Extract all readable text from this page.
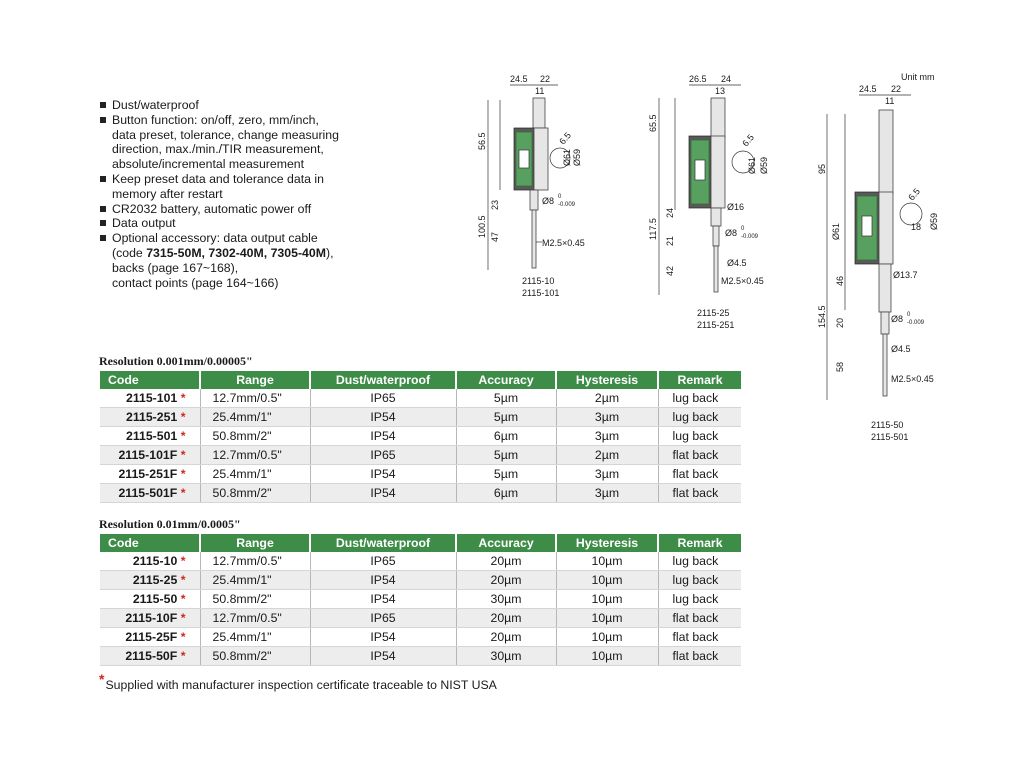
Dust/waterproof
Button function: on/off, zero, mm/inch,
data preset, tolerance, change measuring
direction, max./min./TIR measurement,
absolute/incremental measurement
Keep preset data and tolerance data in
memory after restart
CR2032 battery, automatic power off
Data output
Optional accessory: data output cable
(code 7315-50M, 7302-40M, 7305-40M),
backs (page 167~168),
contact points (page 164~166)
24.5 22
11
56.5
100.5
23
47
6.5
Ø61 Ø59
Ø8 0
-0.009
M2.5×0.45
2115-10
2115-101
26.5 24
13
65.5
117.5
24
21
42
6.5
Ø61 Ø59
Ø16
Ø8 0
-0.009
Ø4.5
M2.5×0.45
2115-25
2115-251
Unit mm
24.5 22
11
95
154.5
46
20
58
6.5
18
Ø61
Ø59
Ø13.7
Ø8 0
-0.009
Ø4.5
M2.5×0.45
2115-50
2115-501
Resolution 0.001mm/0.00005"
Code	Range	Dust/waterproof	Accuracy	Hysteresis	Remark
2115-101 *	12.7mm/0.5"	IP65	5µm	2µm	lug back
2115-251 *	25.4mm/1"	IP54	5µm	3µm	lug back
2115-501 *	50.8mm/2"	IP54	6µm	3µm	lug back
2115-101F *	12.7mm/0.5"	IP65	5µm	2µm	flat back
2115-251F *	25.4mm/1"	IP54	5µm	3µm	flat back
2115-501F *	50.8mm/2"	IP54	6µm	3µm	flat back
Resolution 0.01mm/0.0005"
Code	Range	Dust/waterproof	Accuracy	Hysteresis	Remark
2115-10 *	12.7mm/0.5"	IP65	20µm	10µm	lug back
2115-25 *	25.4mm/1"	IP54	20µm	10µm	lug back
2115-50 *	50.8mm/2"	IP54	30µm	10µm	lug back
2115-10F *	12.7mm/0.5"	IP65	20µm	10µm	flat back
2115-25F *	25.4mm/1"	IP54	20µm	10µm	flat back
2115-50F *	50.8mm/2"	IP54	30µm	10µm	flat back
*Supplied with manufacturer inspection certificate traceable to NIST USA
